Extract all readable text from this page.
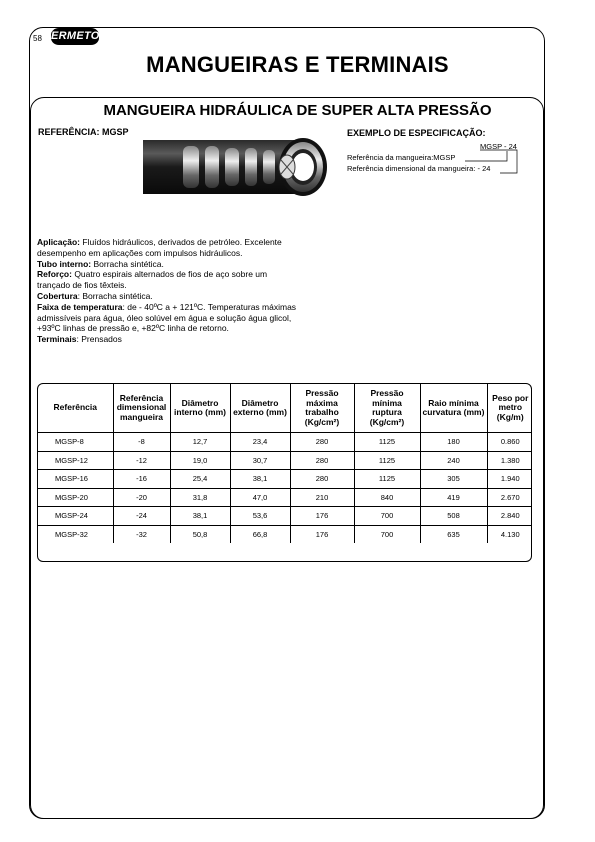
58 ERMETO
MANGUEIRAS E TERMINAIS
MANGUEIRA HIDRÁULICA DE SUPER ALTA PRESSÃO
REFERÊNCIA: MGSP	EXEMPLO DE ESPECIFICAÇÃO:
MGSP - 24
Referência da mangueira:MGSP
Referência dimensional da mangueira: - 24

Aplicação: Fluídos hidráulicos, derivados de petróleo. Excelente desempenho em aplicações com impulsos hidráulicos.

Tubo interno: Borracha sintética.

Reforço: Quatro espirais alternados de fios de aço sobre um trançado de fios têxteis.

Cobertura: Borracha sintética.

Faixa de temperatura: de - 40ºC a + 121ºC. Temperaturas máximas admissíveis para água, óleo solúvel em água e solução água glicol, +93ºC linhas de pressão e, +82ºC linha de retorno.

Terminais: Prensados

Referência	Referência dimensional mangueira	Diâmetro interno (mm)	Diâmetro externo (mm)	Pressão máxima trabalho (Kg/cm²)	Pressão mínima ruptura (Kg/cm²)	Raio mínima curvatura (mm)	Peso por metro (Kg/m)
MGSP-8	-8	12,7	23,4	280	1125	180	0.860
MGSP-12	-12	19,0	30,7	280	1125	240	1.380
MGSP-16	-16	25,4	38,1	280	1125	305	1.940
MGSP-20	-20	31,8	47,0	210	840	419	2.670
MGSP-24	-24	38,1	53,6	176	700	508	2.840
MGSP-32	-32	50,8	66,8	176	700	635	4.130
